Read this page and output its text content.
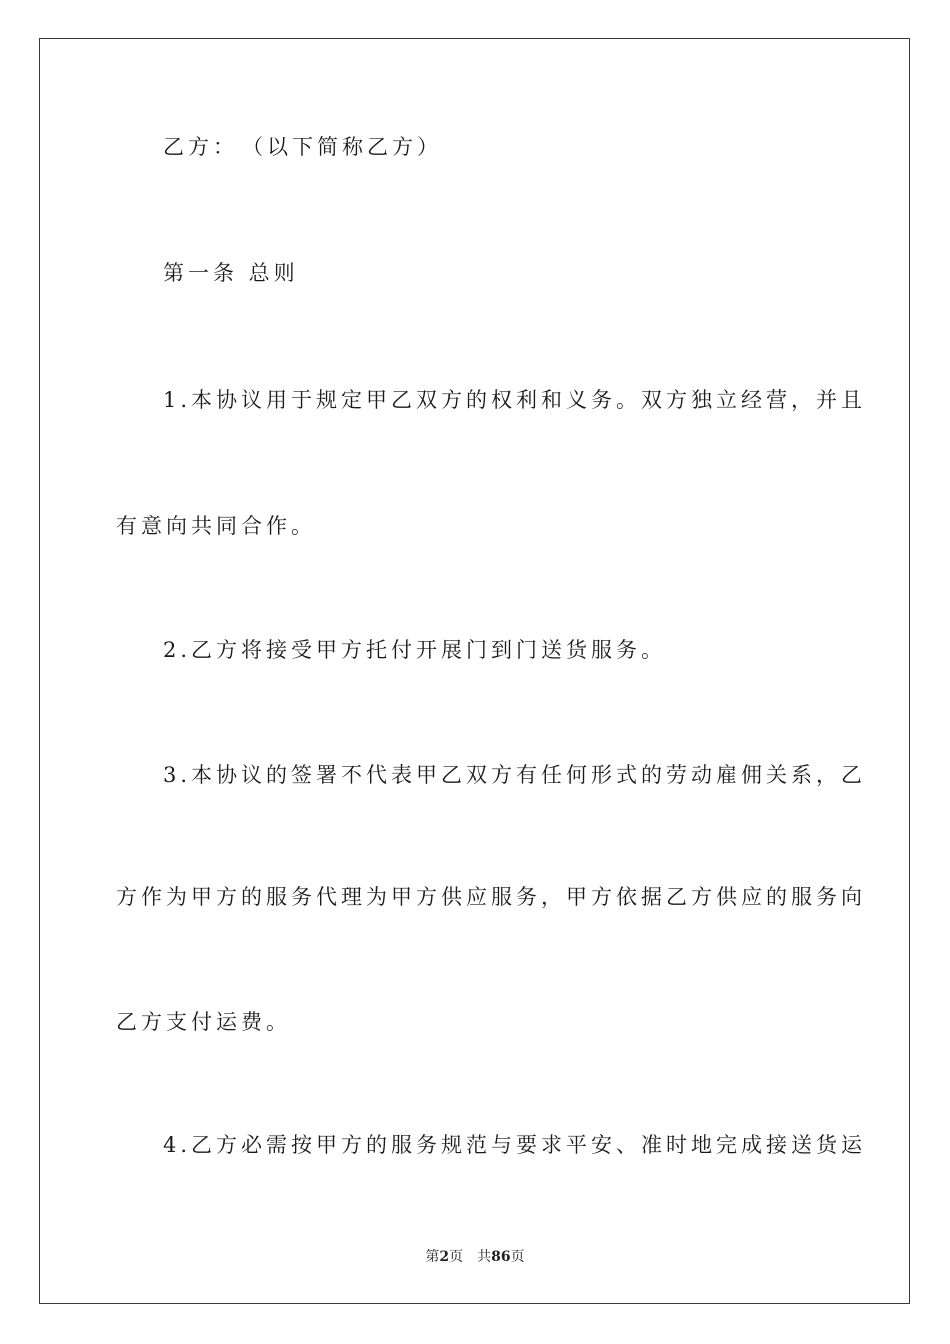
乙方：　（以下简称乙方）
第一条 总则
1.本协议用于规定甲乙双方的权利和义务。双方独立经营，并且
有意向共同合作。
2.乙方将接受甲方托付开展门到门送货服务。
3.本协议的签署不代表甲乙双方有任何形式的劳动雇佣关系，乙
方作为甲方的服务代理为甲方供应服务，甲方依据乙方供应的服务向
乙方支付运费。
4.乙方必需按甲方的服务规范与要求平安、准时地完成接送货运
第2页 共86页
